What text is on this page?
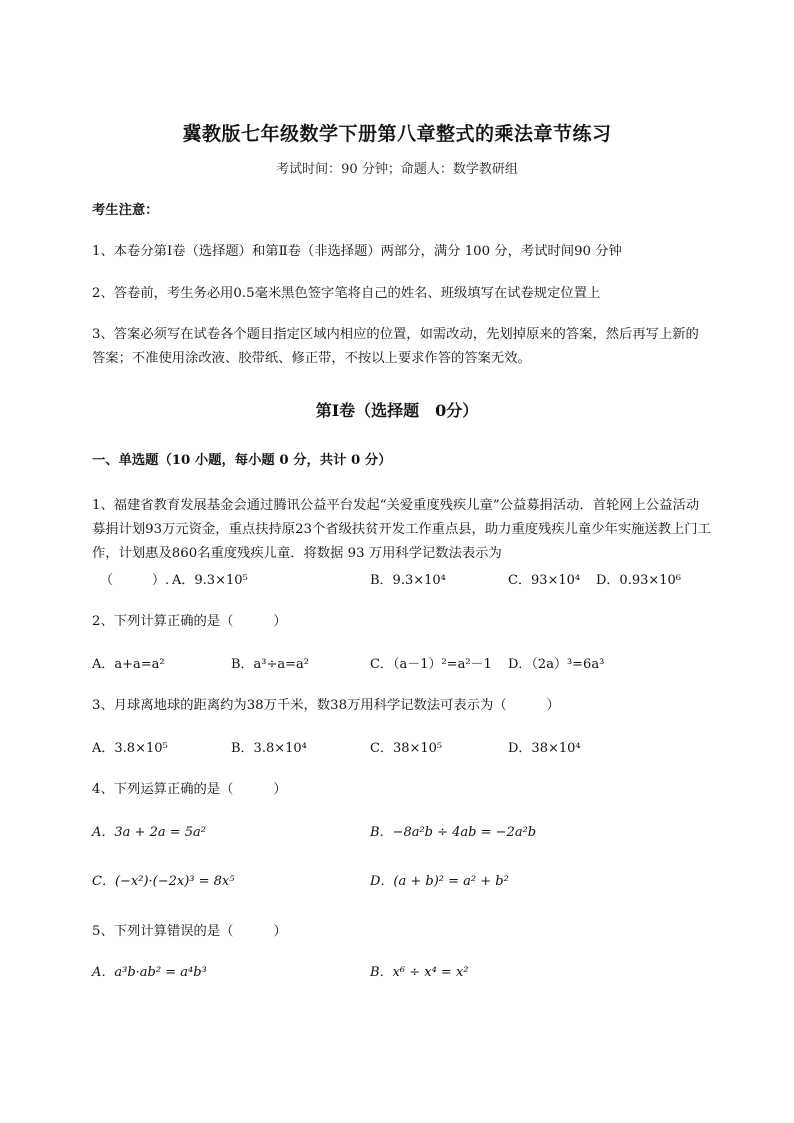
冀教版七年级数学下册第八章整式的乘法章节练习
考试时间：90 分钟；命题人：数学教研组
考生注意：
1、本卷分第Ⅰ卷（选择题）和第Ⅱ卷（非选择题）两部分，满分 100 分，考试时间90 分钟
2、答卷前，考生务必用0.5毫米黑色签字笔将自己的姓名、班级填写在试卷规定位置上
3、答案必须写在试卷各个题目指定区域内相应的位置，如需改动，先划掉原来的答案，然后再写上新的答案；不准使用涂改液、胶带纸、修正带，不按以上要求作答的答案无效。
第Ⅰ卷（选择题　0分）
一、单选题（10 小题，每小题 0 分，共计 0 分）
1、福建省教育发展基金会通过腾讯公益平台发起“关爱重度残疾儿童”公益募捐活动．首轮网上公益活动募捐计划93万元资金，重点扶持原23个省级扶贫开发工作重点县，助力重度残疾儿童少年实施送教上门工作，计划惠及860名重度残疾儿童．将数据 93 万用科学记数法表示为
（　　　）. A．9.3×10⁵	B．9.3×10⁴	C．93×10⁴ D．0.93×10⁶
2、下列计算正确的是（　　　）
A．a+a=a²	B．a³÷a=a²	C．（a－1）²=a²－1 D．（2a）³=6a³
3、月球离地球的距离约为38万千米，数38万用科学记数法可表示为（　　　）
A．3.8×10⁵	B．3.8×10⁴	C．38×10⁵	D．38×10⁴
4、下列运算正确的是（　　　）
A．3a + 2a = 5a²	B．−8a²b ÷ 4ab = −2a²b
C．(−x²)·(−2x)³ = 8x⁵	D．(a + b)² = a² + b²
5、下列计算错误的是（　　　）
A．a³b·ab² = a⁴b³	B．x⁶ ÷ x⁴ = x²
